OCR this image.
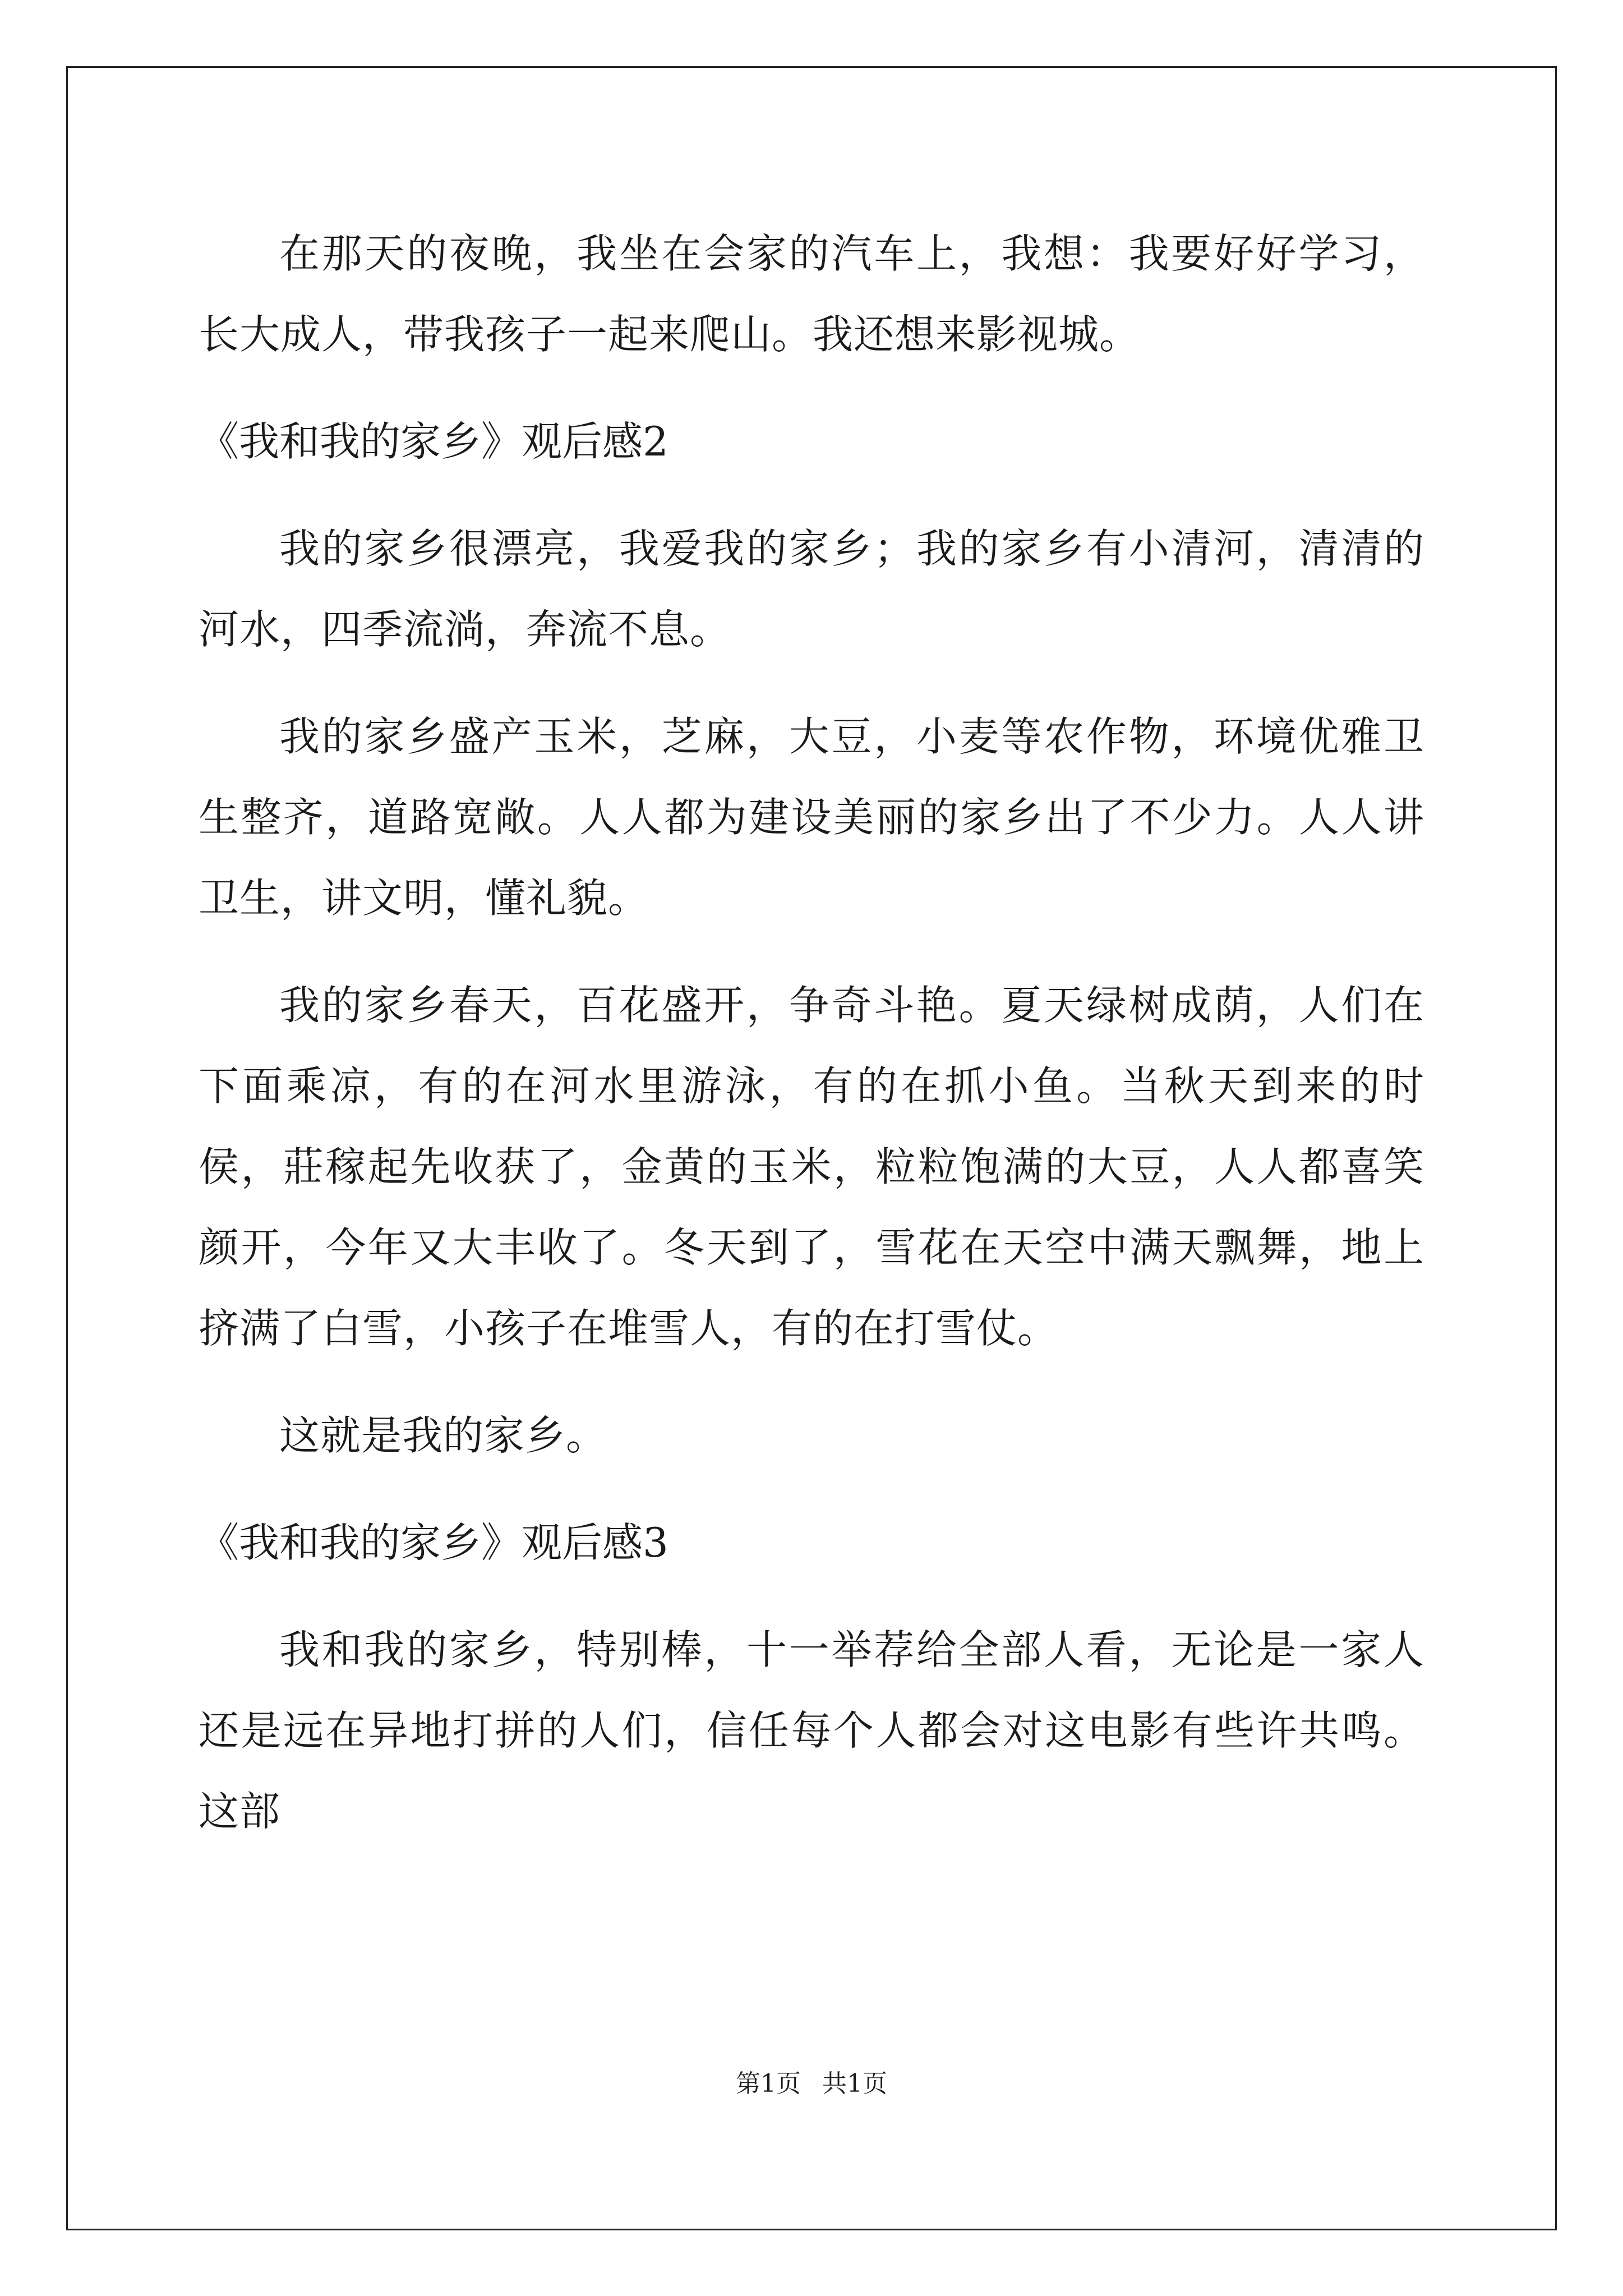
在那天的夜晚，我坐在会家的汽车上，我想：我要好好学习，长大成人，带我孩子一起来爬山。我还想来影视城。

《我和我的家乡》观后感2

我的家乡很漂亮，我爱我的家乡；我的家乡有小清河，清清的河水，四季流淌，奔流不息。

我的家乡盛产玉米，芝麻，大豆，小麦等农作物，环境优雅卫生整齐，道路宽敞。人人都为建设美丽的家乡出了不少力。人人讲卫生，讲文明，懂礼貌。

我的家乡春天，百花盛开，争奇斗艳。夏天绿树成荫，人们在下面乘凉，有的在河水里游泳，有的在抓小鱼。当秋天到来的时侯，莊稼起先收获了，金黄的玉米，粒粒饱满的大豆，人人都喜笑颜开，今年又大丰收了。冬天到了，雪花在天空中满天飘舞，地上挤满了白雪，小孩子在堆雪人，有的在打雪仗。

这就是我的家乡。

《我和我的家乡》观后感3

我和我的家乡，特别棒，十一举荐给全部人看，无论是一家人还是远在异地打拼的人们，信任每个人都会对这电影有些许共鸣。这部

第1页 共1页
